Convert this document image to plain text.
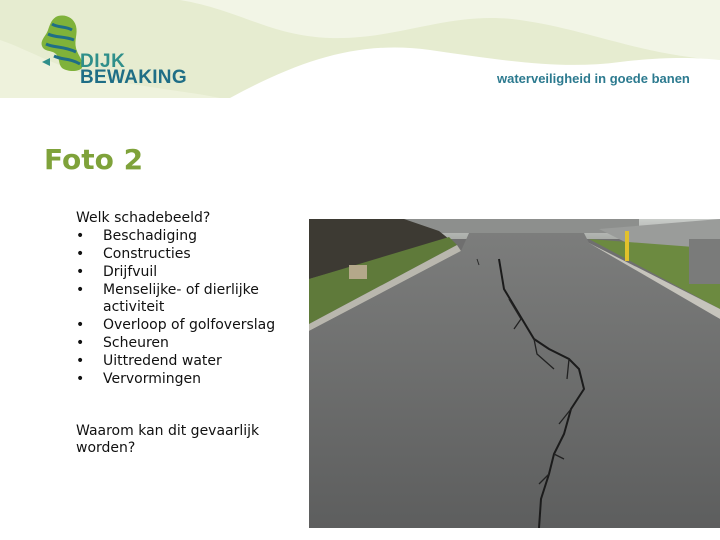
DIJK
BEWAKING	waterveiligheid in goede banen
Foto 2
Welk schadebeeld?
• Beschadiging
• Constructies
• Drijfvuil
• Menselijke- of dierlijke activiteit
• Overloop of golfoverslag
• Scheuren
• Uittredend water
• Vervormingen
Waarom kan dit gevaarlijk worden?
